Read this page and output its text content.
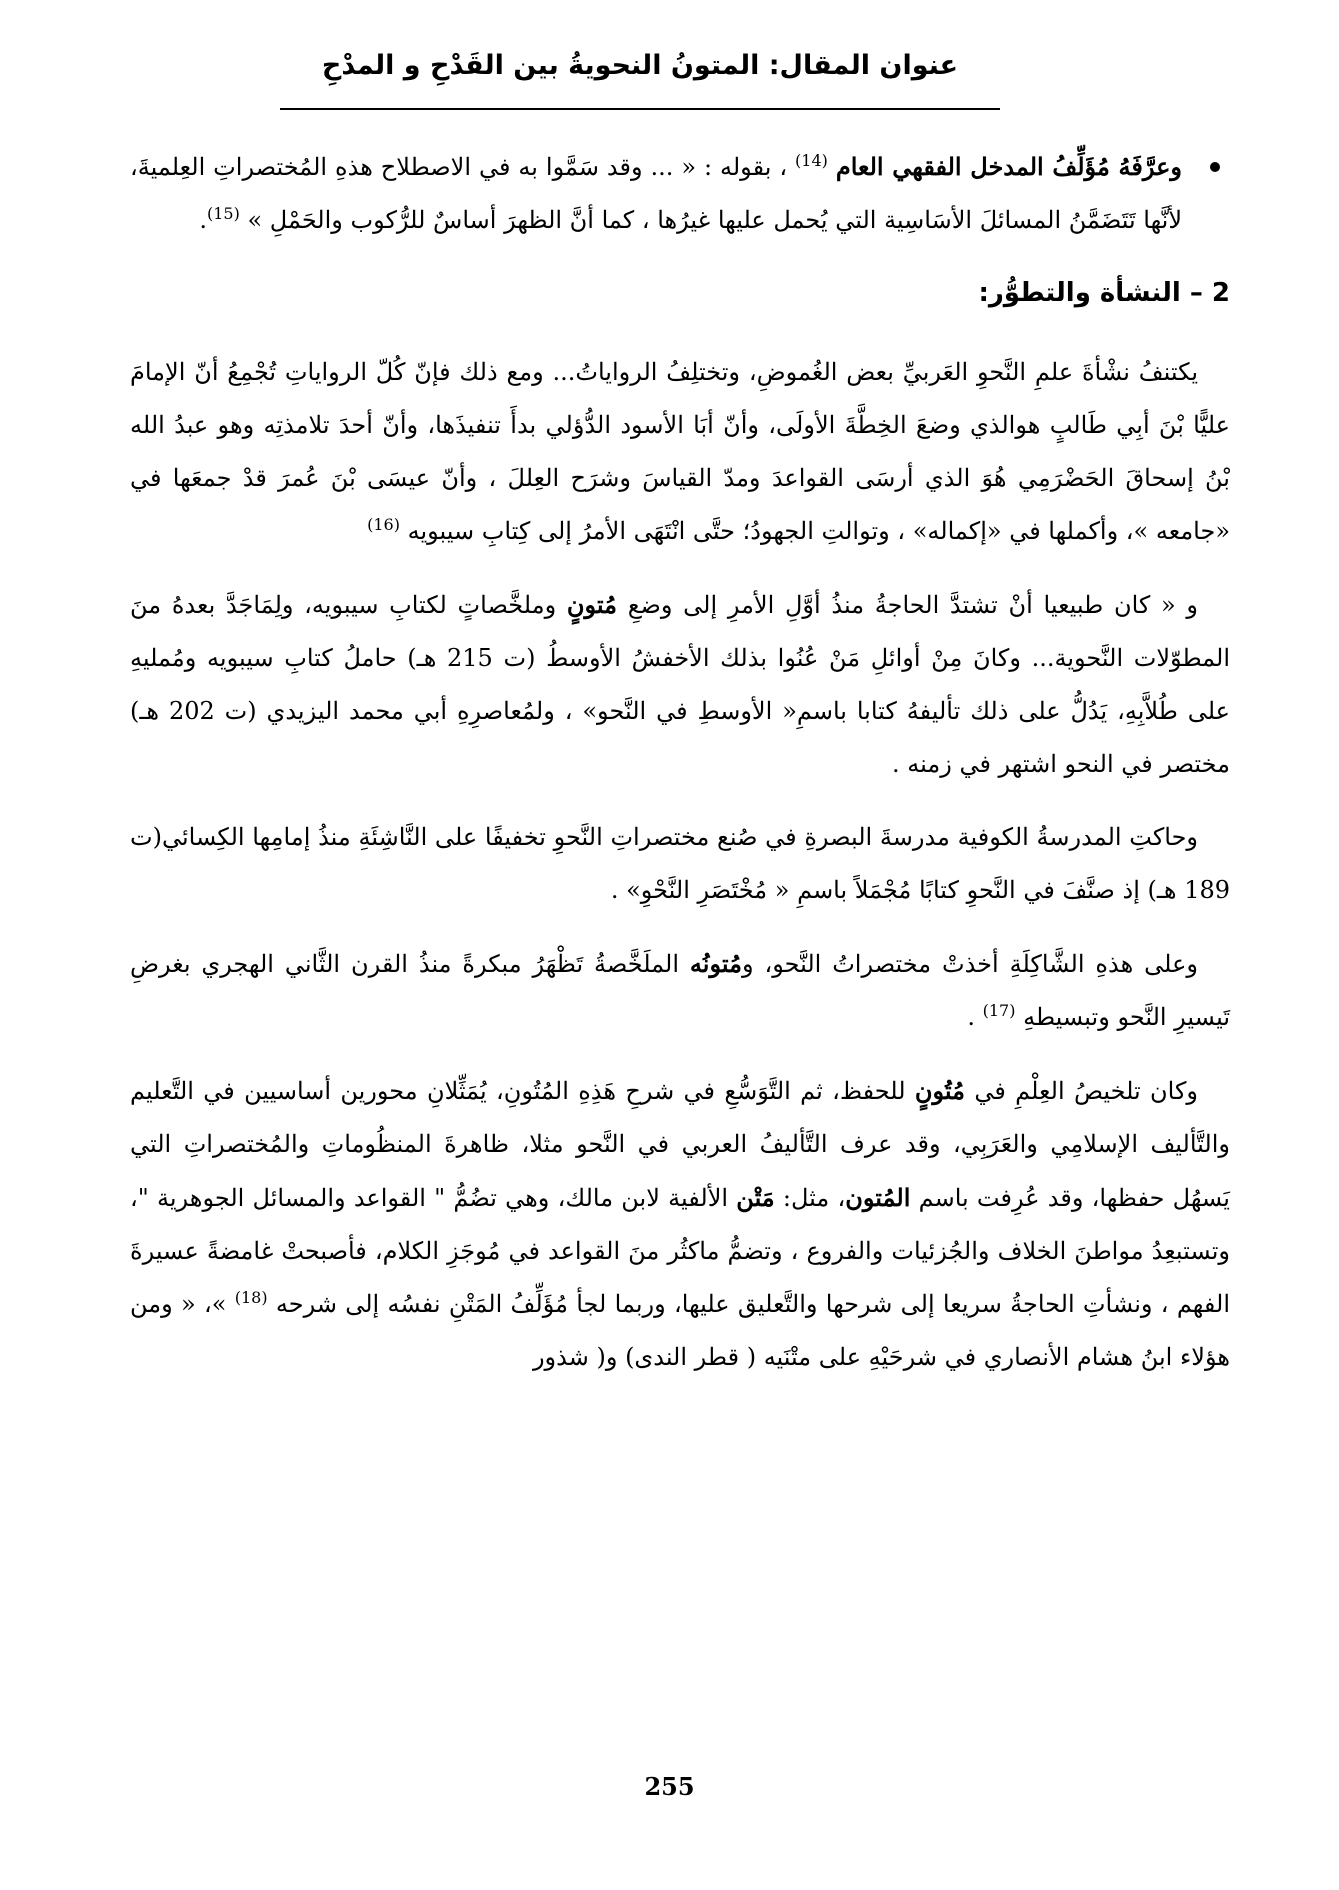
عنوان المقال: المتونُ النحويةُ بين القَدْحِ و المدْحِ

وعرَّفَهُ مُؤَلِّفُ المدخل الفقهي العام $^{(14)}$ ، بقوله : « ... وقد سَمَّوا به في الاصطلاح هذهِ المُختصراتِ العِلميةَ، لأنَّها تَتَضَمَّنُ المسائلَ الأسَاسِية التي يُحمل عليها غيرُها ، كما أنَّ الظهرَ أساسٌ للرُّكوب والحَمْلِ » $^{(15)}$.

2 – النشأة والتطوُّر:

يكتنفُ نشْأةَ علمِ النَّحوِ العَربيِّ بعض الغُموضِ، وتختلِفُ الرواياتُ... ومع ذلك فإنّ كُلّ الرواياتِ تُجْمِعُ أنّ الإمامَ عليًّا بْنَ أبِي طَالبٍ هوالذي وضعَ الخِطَّةَ الأولَى، وأنّ أبَا الأسود الدُّؤلي بدأَ تنفيذَها، وأنّ أحدَ تلامذتِه وهو عبدُ الله بْنُ إسحاقَ الحَضْرَمِي هُوَ الذي أرسَى القواعدَ ومدّ القياسَ وشرَح العِللَ ، وأنّ عيسَى بْنَ عُمرَ قدْ جمعَها في «جامعه »، وأكملها في «إكماله» ، وتوالتِ الجهودُ؛ حتَّى انْتَهَى الأمرُ إلى كِتابِ سيبويه $^{(16)}$

و « كان طبيعيا أنْ تشتدَّ الحاجةُ منذُ أوَّلِ الأمرِ إلى وضعِ مُتونٍ وملخَّصاتٍ لكتابِ سيبويه، ولِمَاجَدَّ بعدهُ منَ المطوّلات النَّحوية... وكانَ مِنْ أوائلِ مَنْ عُنُوا بذلك الأخفشُ الأوسطُ (ت 215 هـ) حاملُ كتابِ سيبويه ومُمليهِ على طُلاَّبِهِ، يَدُلُّ على ذلك تأليفهُ كتابا باسمِ« الأوسطِ في النَّحو» ، ولمُعاصرِهِ أبي محمد اليزيدي (ت 202 هـ) مختصر في النحو اشتهر في زمنه .

وحاكتِ المدرسةُ الكوفية مدرسةَ البصرةِ في صُنع مختصراتِ النَّحوِ تخفيفًا على النَّاشِئَةِ منذُ إمامِها الكِسائي(ت 189 هـ) إذ صنَّفَ في النَّحوِ كتابًا مُجْمَلاً باسمِ « مُخْتَصَرِ النَّحْوِ» .

وعلى هذهِ الشَّاكِلَةِ أخذتْ مختصراتُ النَّحو، ومُتونُه الملَخَّصةُ تَظْهَرُ مبكرةً منذُ القرن الثَّاني الهجري بغرضِ تَيسيرِ النَّحو وتبسيطهِ $^{(17)}$ .

وكان تلخيصُ العِلْمِ في مُتُونٍ للحفظ، ثم التَّوَسُّعِ في شرحِ هَذِهِ المُتُونِ، يُمَثِّلانِ محورين أساسيين في التَّعليم والتَّأليف الإسلامِي والعَرَبِي، وقد عرف التَّأليفُ العربي في النَّحو مثلا، ظاهرةَ المنظُوماتِ والمُختصراتِ التي يَسهُل حفظها، وقد عُرِفت باسم المُتون، مثل: مَتْن الألفية لابن مالك، وهي تضُمُّ " القواعد والمسائل الجوهرية "، وتستبعِدُ مواطنَ الخلاف والجُزئيات والفروع ، وتضمُّ ماكثُر منَ القواعد في مُوجَزِ الكلام، فأصبحتْ غامضةً عسيرةَ الفهم ، ونشأتِ الحاجةُ سريعا إلى شرحها والتَّعليق عليها، وربما لجأ مُؤَلِّفُ المَتْنِ نفسُه إلى شرحه $^{(18)}$ »، « ومن هؤلاء ابنُ هشام الأنصاري في شرحَيْهِ على متْنَيه ( قطر الندى) و( شذور

255
